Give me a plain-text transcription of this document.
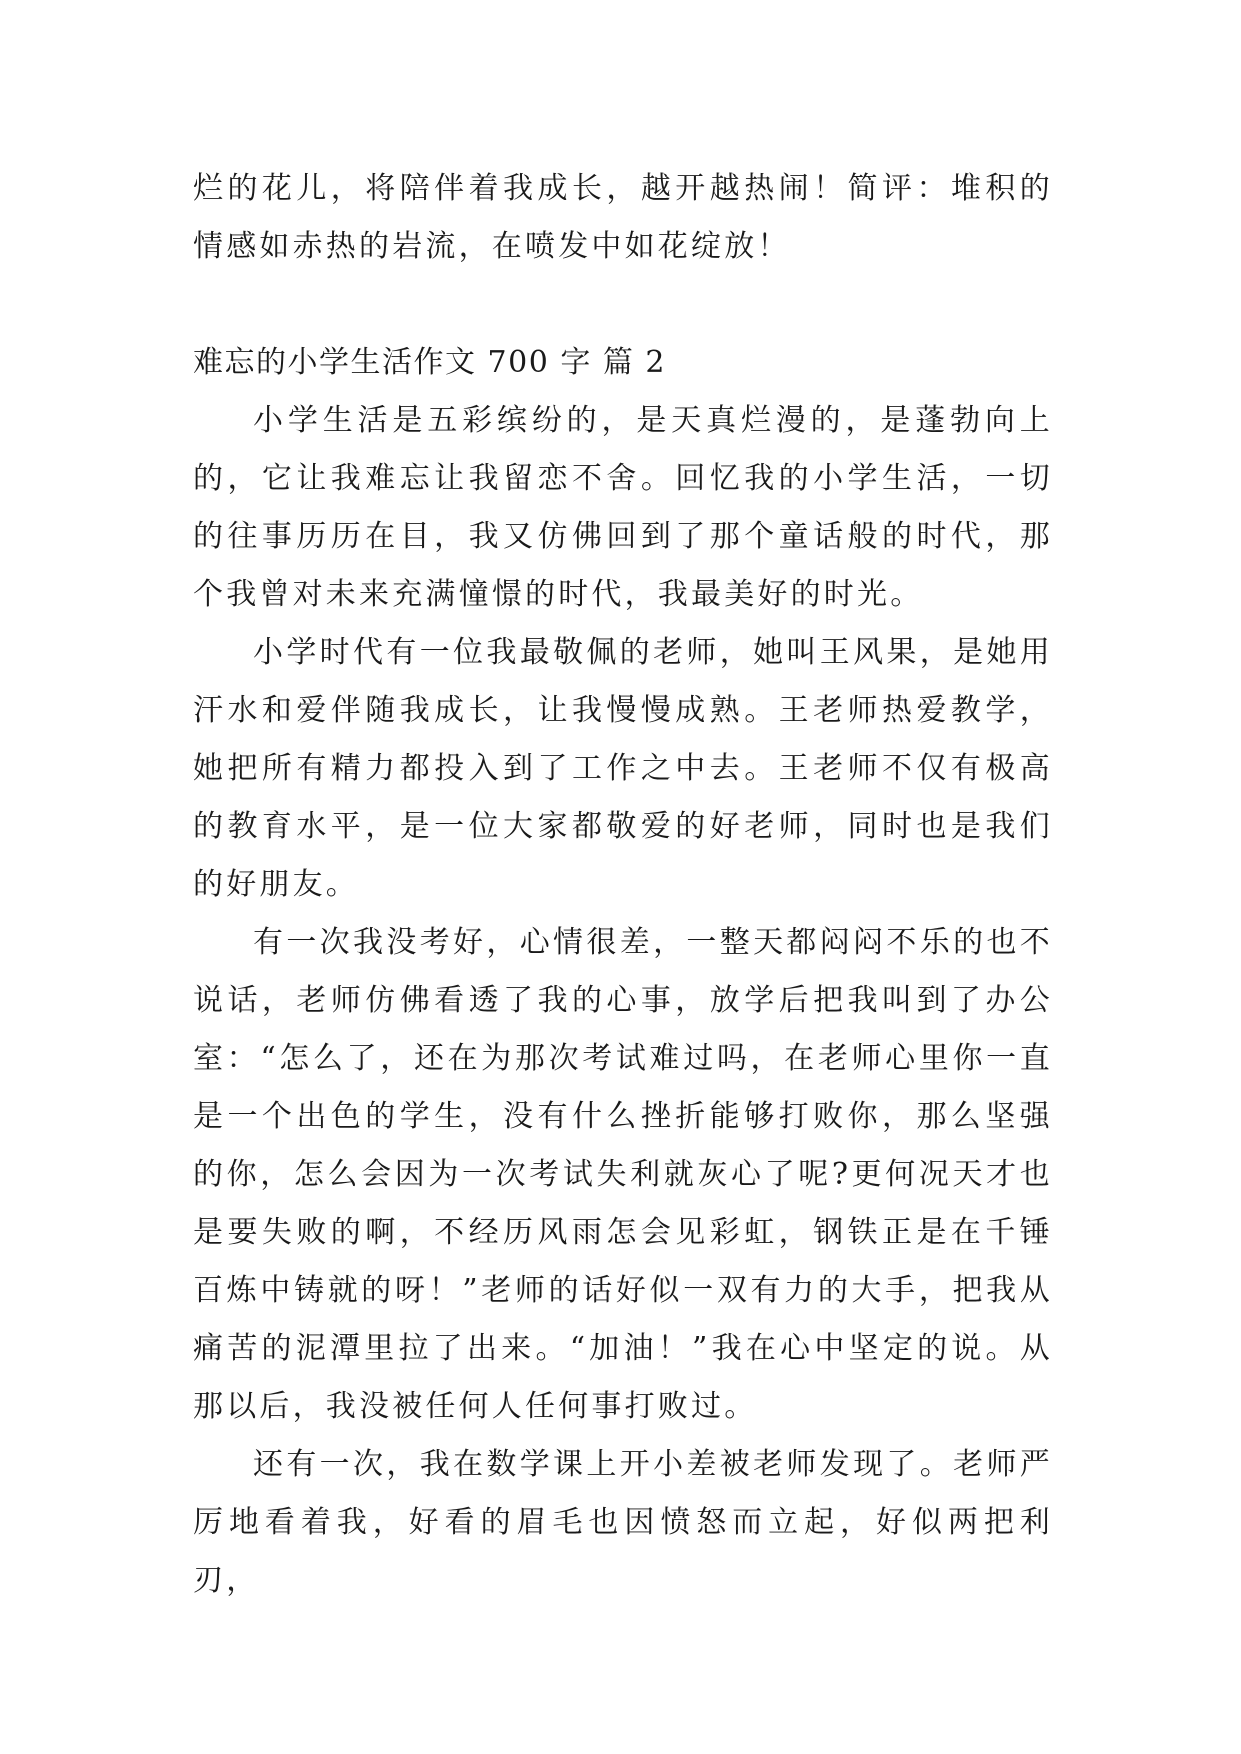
烂的花儿，将陪伴着我成长，越开越热闹！简评：堆积的情感如赤热的岩流，在喷发中如花绽放！

难忘的小学生活作文 700 字 篇 2

小学生活是五彩缤纷的，是天真烂漫的，是蓬勃向上的，它让我难忘让我留恋不舍。回忆我的小学生活，一切的往事历历在目，我又仿佛回到了那个童话般的时代，那个我曾对未来充满憧憬的时代，我最美好的时光。

小学时代有一位我最敬佩的老师，她叫王风果，是她用汗水和爱伴随我成长，让我慢慢成熟。王老师热爱教学，她把所有精力都投入到了工作之中去。王老师不仅有极高的教育水平，是一位大家都敬爱的好老师，同时也是我们的好朋友。

有一次我没考好，心情很差，一整天都闷闷不乐的也不说话，老师仿佛看透了我的心事，放学后把我叫到了办公室：“怎么了，还在为那次考试难过吗，在老师心里你一直是一个出色的学生，没有什么挫折能够打败你，那么坚强的你，怎么会因为一次考试失利就灰心了呢?更何况天才也是要失败的啊，不经历风雨怎会见彩虹，钢铁正是在千锤百炼中铸就的呀！”老师的话好似一双有力的大手，把我从痛苦的泥潭里拉了出来。“加油！”我在心中坚定的说。从那以后，我没被任何人任何事打败过。

还有一次，我在数学课上开小差被老师发现了。老师严厉地看着我，好看的眉毛也因愤怒而立起，好似两把利刃，
